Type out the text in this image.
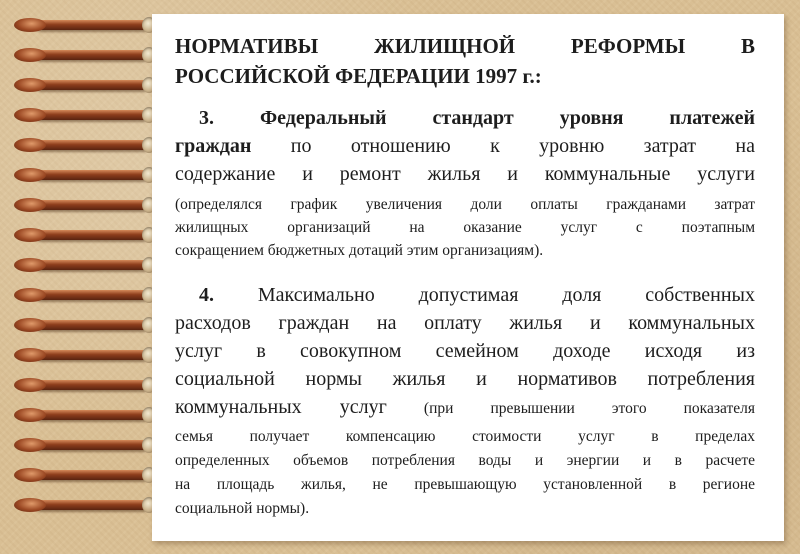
НОРМАТИВЫ ЖИЛИЩНОЙ РЕФОРМЫ В
РОССИЙСКОЙ ФЕДЕРАЦИИ 1997 г.:
3. Федеральный стандарт уровня платежей
граждан по отношению к уровню затрат на
содержание и ремонт жилья и коммунальные услуги
(определялся график увеличения доли оплаты гражданами затрат
жилищных организаций на оказание услуг с поэтапным
сокращением бюджетных дотаций этим организациям).
4. Максимально допустимая доля собственных
расходов граждан на оплату жилья и коммунальных
услуг в совокупном семейном доходе исходя из
социальной нормы жилья и нормативов потребления
коммунальных услуг (при превышении этого показателя
семья получает компенсацию стоимости услуг в пределах
определенных объемов потребления воды и энергии и в расчете
на площадь жилья, не превышающую установленной в регионе
социальной нормы).
